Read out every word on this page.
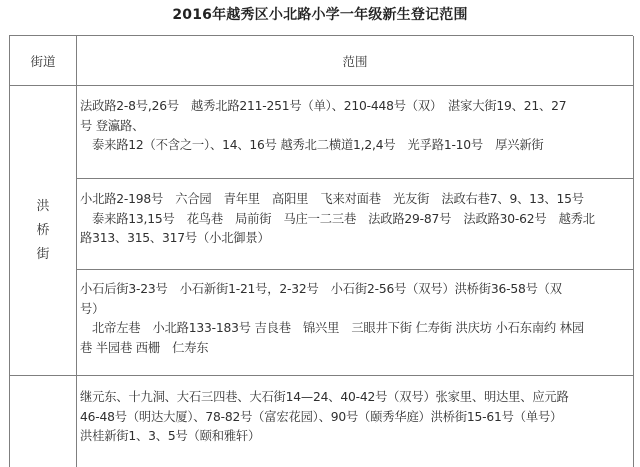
2016年越秀区小北路小学一年级新生登记范围
街道	范围
洪
桥
街

法政路2-8号,26号　越秀北路211-251号（单）、210-448号（双）　湛家大街19、21、27

号 登瀛路、

泰来路12（不含之一）、14、16号 越秀北二横道1,2,4号　光孚路1-10号　厚兴新街

小北路2-198号　六合园　青年里　高阳里　飞来对面巷　光友街　法政右巷7、9、13、15号

泰来路13,15号　花鸟巷　局前街　马庄一二三巷　法政路29-87号　法政路30-62号　越秀北

路313、315、317号（小北御景）

小石后街3-23号　小石新街1-21号，2-32号　小石街2-56号（双号）洪桥街36-58号（双

号）

北帝左巷　小北路133-183号 吉良巷　锦兴里　三眼井下街 仁寿街 洪庆坊 小石东南约 林园

巷 半园巷 西栅　仁寿东

继元东、十九洞、大石三四巷、大石街14—24、40-42号（双号）张家里、明达里、应元路

46-48号（明达大厦）、78-82号（富宏花园）、90号（颐秀华庭）洪桥街15-61号（单号）

洪桂新街1、3、5号（颐和雅轩）
